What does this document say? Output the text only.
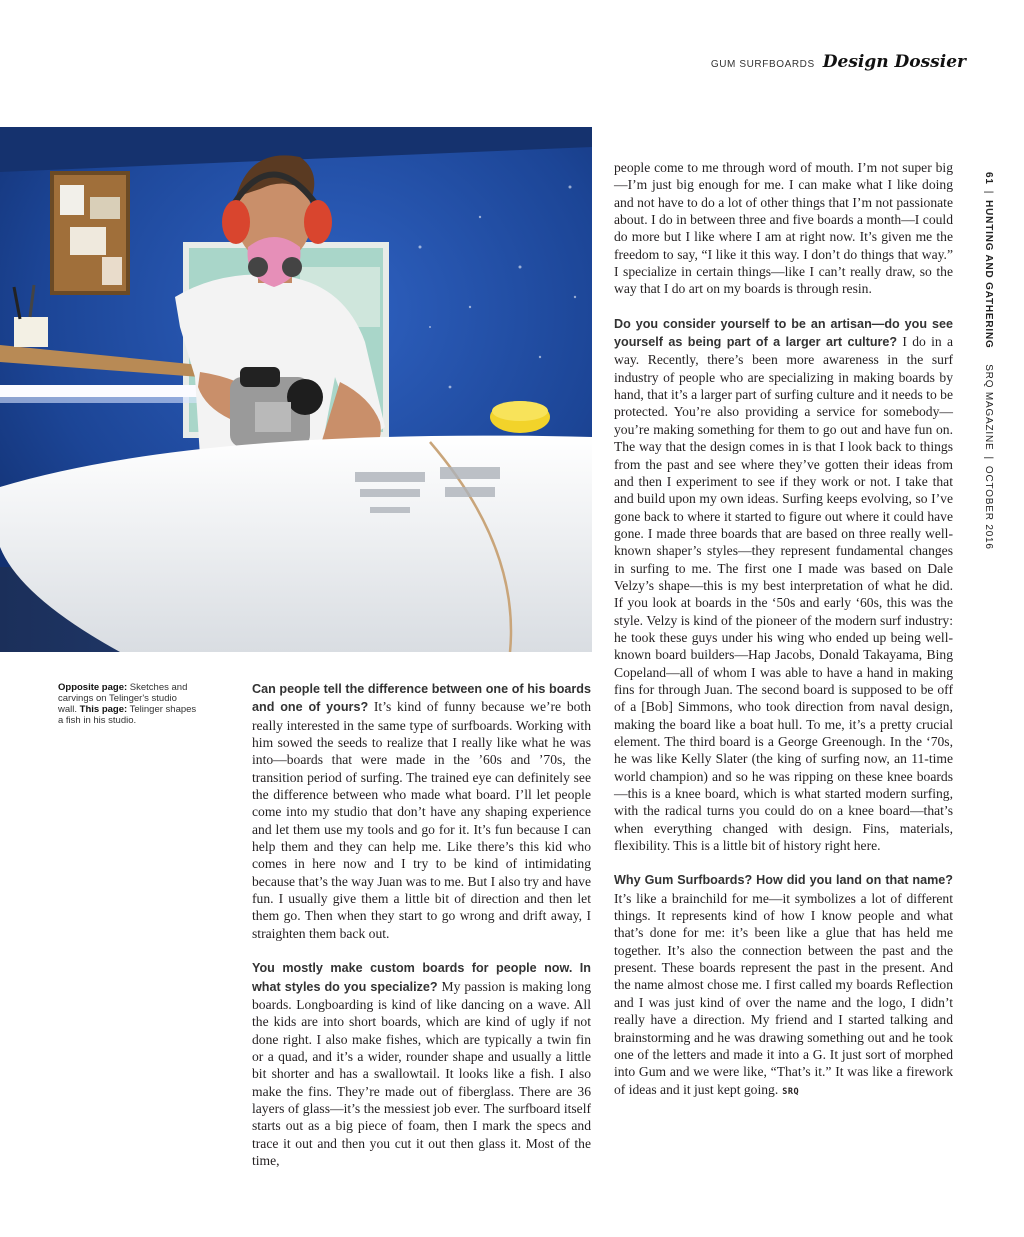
GUM SURFBOARDS Design Dossier
61|HUNTING AND GATHERING SRQ MAGAZINE|OCTOBER 2016
Opposite page: Sketches and carvings on Telinger's studio wall. This page: Telinger shapes a fish in his studio.

Can people tell the difference between one of his boards and one of yours? It’s kind of funny because we’re both really interested in the same type of surfboards. Working with him sowed the seeds to realize that I really like what he was into—boards that were made in the ’60s and ’70s, the transition period of surfing. The trained eye can definitely see the difference between who made what board. I’ll let people come into my studio that don’t have any shaping experience and let them use my tools and go for it. It’s fun because I can help them and they can help me. Like there’s this kid who comes in here now and I try to be kind of intimidating because that’s the way Juan was to me. But I also try and have fun. I usually give them a little bit of direction and then let them go. Then when they start to go wrong and drift away, I straighten them back out.

You mostly make custom boards for people now. In what styles do you specialize? My passion is making long boards. Longboarding is kind of like dancing on a wave. All the kids are into short boards, which are kind of ugly if not done right. I also make fishes, which are typically a twin fin or a quad, and it’s a wider, rounder shape and usually a little bit shorter and has a swallowtail. It looks like a fish. I also make the fins. They’re made out of fiberglass. There are 36 layers of glass—it’s the messiest job ever. The surfboard itself starts out as a big piece of foam, then I mark the specs and trace it out and then you cut it out then glass it. Most of the time,

people come to me through word of mouth. I’m not super big—I’m just big enough for me. I can make what I like doing and not have to do a lot of other things that I’m not passionate about. I do in between three and five boards a month—I could do more but I like where I am at right now. It’s given me the freedom to say, “I like it this way. I don’t do things that way.” I specialize in certain things—like I can’t really draw, so the way that I do art on my boards is through resin.

Do you consider yourself to be an artisan—do you see yourself as being part of a larger art culture? I do in a way. Recently, there’s been more awareness in the surf industry of people who are specializing in making boards by hand, that it’s a larger part of surfing culture and it needs to be protected. You’re also providing a service for somebody—you’re making something for them to go out and have fun on. The way that the design comes in is that I look back to things from the past and see where they’ve gotten their ideas from and then I experiment to see if they work or not. I take that and build upon my own ideas. Surfing keeps evolving, so I’ve gone back to where it started to figure out where it could have gone. I made three boards that are based on three really well-known shaper’s styles—they represent fundamental changes in surfing to me. The first one I made was based on Dale Velzy’s shape—this is my best interpretation of what he did. If you look at boards in the ‘50s and early ‘60s, this was the style. Velzy is kind of the pioneer of the modern surf industry: he took these guys under his wing who ended up being well-known board builders—Hap Jacobs, Donald Takayama, Bing Copeland—all of whom I was able to have a hand in making fins for through Juan. The second board is supposed to be off of a [Bob] Simmons, who took direction from naval design, making the board like a boat hull. To me, it’s a pretty crucial element. The third board is a George Greenough. In the ‘70s, he was like Kelly Slater (the king of surfing now, an 11-time world champion) and so he was ripping on these knee boards—this is a knee board, which is what started modern surfing, with the radical turns you could do on a knee board—that’s when everything changed with design. Fins, materials, flexibility. This is a little bit of history right here.

Why Gum Surfboards? How did you land on that name? It’s like a brainchild for me—it symbolizes a lot of different things. It represents kind of how I know people and what that’s done for me: it’s been like a glue that has held me together. It’s also the connection between the past and the present. These boards represent the past in the present. And the name almost chose me. I first called my boards Reflection and I was just kind of over the name and the logo, I didn’t really have a direction. My friend and I started talking and brainstorming and he was drawing something out and he took one of the letters and made it into a G. It just sort of morphed into Gum and we were like, “That’s it.” It was like a firework of ideas and it just kept going. SRQ
